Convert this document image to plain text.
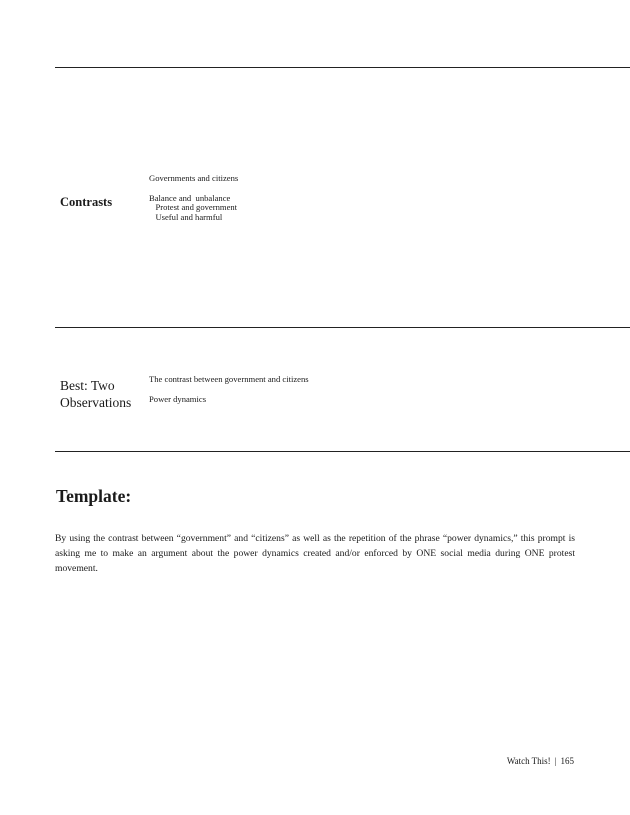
Contrasts
Governments and citizens
Balance and  unbalance
Protest and government
Useful and harmful
Best: Two
Observations
The contrast between government and citizens
Power dynamics
Template:
By using the contrast between “government” and “citizens” as well as the repetition of the phrase “power dynamics,” this prompt is asking me to make an argument about the power dynamics created and/or enforced by ONE social media during ONE protest movement.
Watch This! | 165
